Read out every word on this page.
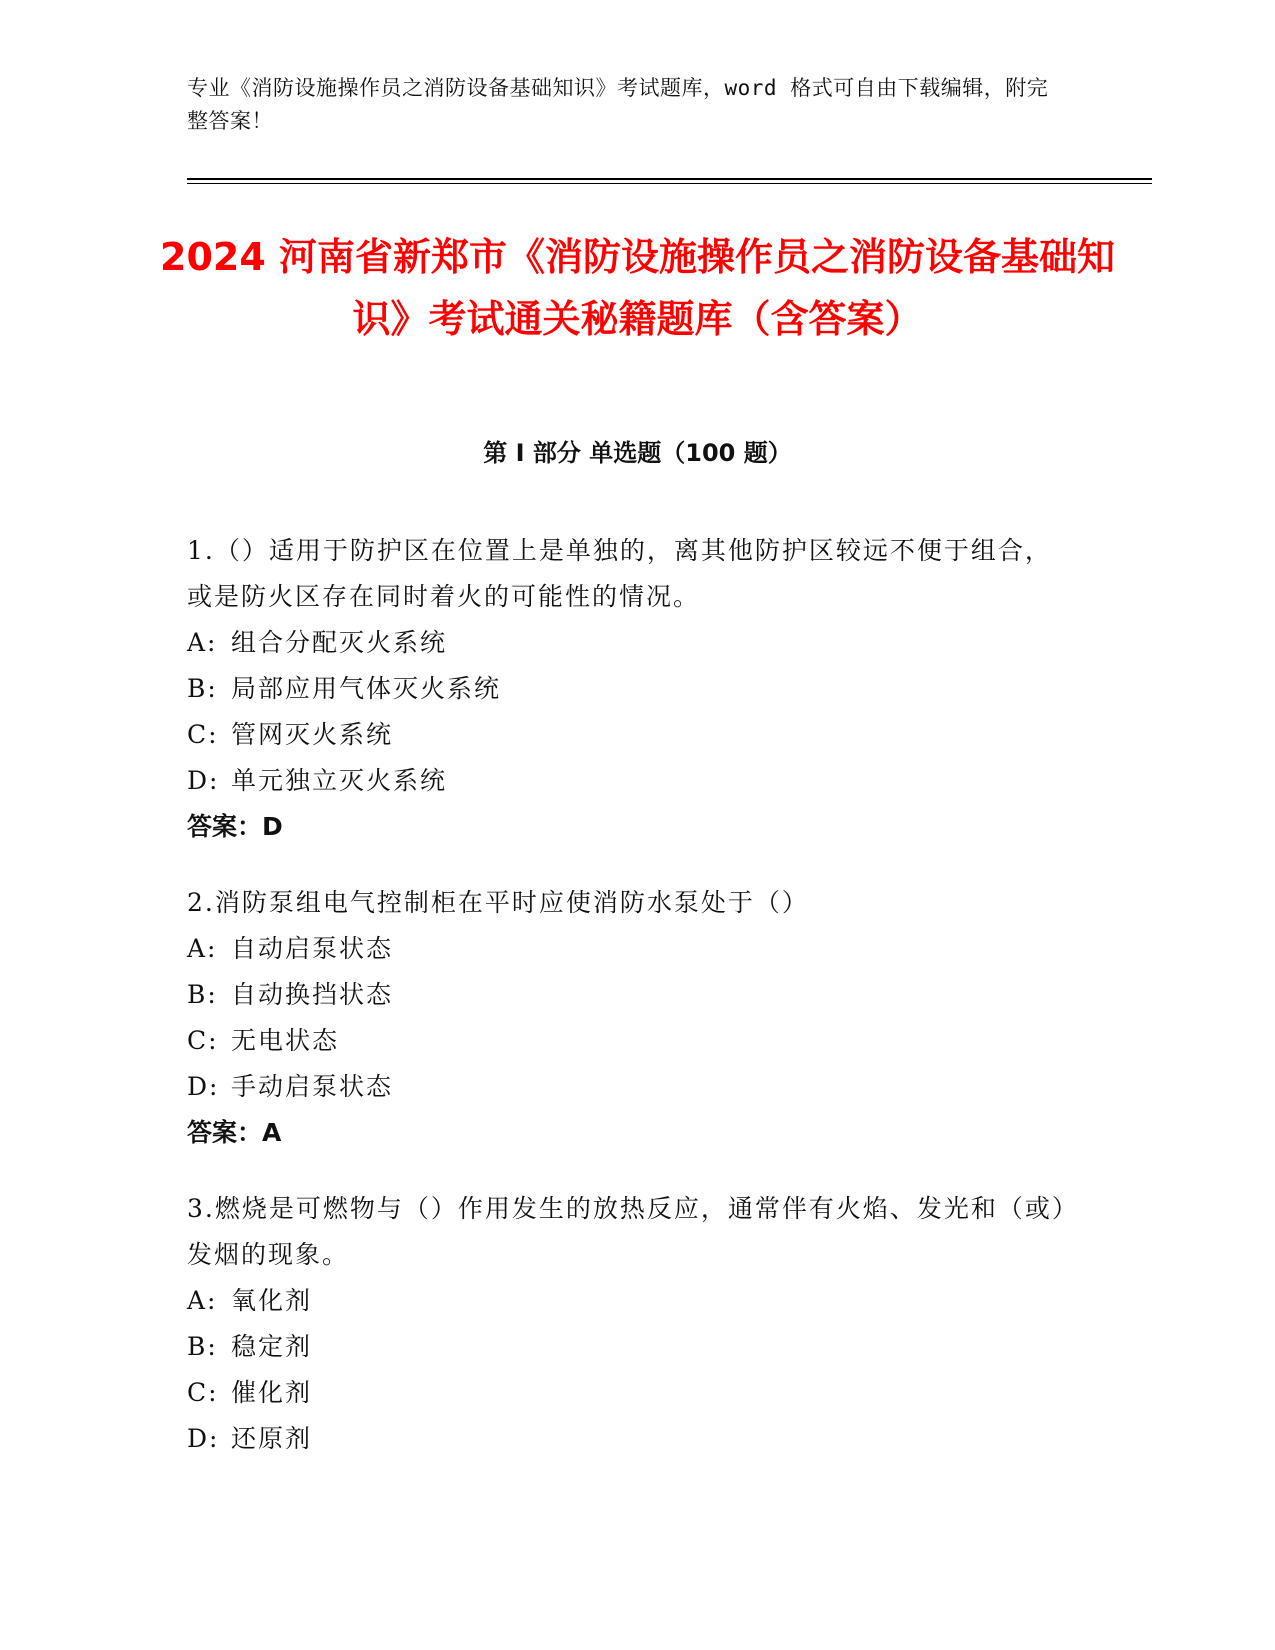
专业《消防设施操作员之消防设备基础知识》考试题库，word 格式可自由下载编辑，附完整答案！
2024 河南省新郑市《消防设施操作员之消防设备基础知识》考试通关秘籍题库（含答案）
第 I 部分 单选题（100 题）
1.（）适用于防护区在位置上是单独的，离其他防护区较远不便于组合，或是防火区存在同时着火的可能性的情况。
A: 组合分配灭火系统
B: 局部应用气体灭火系统
C: 管网灭火系统
D: 单元独立灭火系统
答案：D
2.消防泵组电气控制柜在平时应使消防水泵处于（）
A: 自动启泵状态
B: 自动换挡状态
C: 无电状态
D: 手动启泵状态
答案：A
3.燃烧是可燃物与（）作用发生的放热反应，通常伴有火焰、发光和（或）发烟的现象。
A: 氧化剂
B: 稳定剂
C: 催化剂
D: 还原剂
